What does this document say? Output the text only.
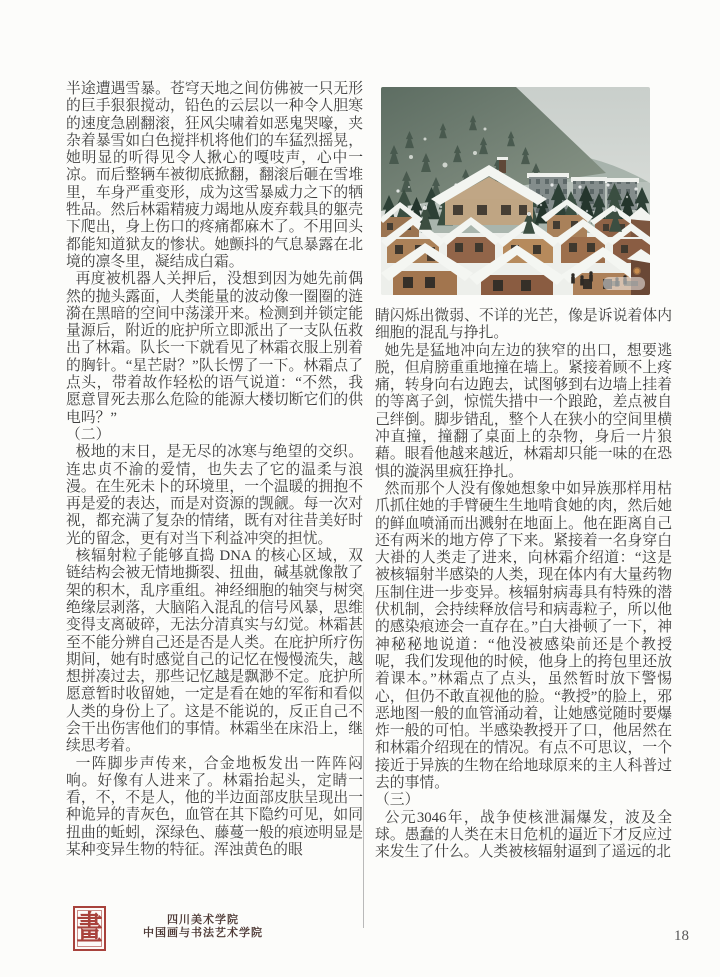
半途遭遇雪暴。苍穹天地之间仿佛被一只无形的巨手狠狠搅动，铅色的云层以一种令人胆寒的速度急剧翻滚，狂风尖啸着如恶鬼哭嚎，夹杂着暴雪如白色搅拌机将他们的车猛烈摇晃，她明显的听得见令人揪心的嘎吱声，心中一凉。而后整辆车被彻底掀翻，翻滚后砸在雪堆里，车身严重变形，成为这雪暴威力之下的牺牲品。然后林霜精疲力竭地从废弃载具的躯壳下爬出，身上伤口的疼痛都麻木了。不用回头都能知道狱友的惨状。她颤抖的气息暴露在北境的凛冬里，凝结成白霜。

再度被机器人关押后，没想到因为她先前偶 然的抛头露面，人类能量的波动像一圈圈的涟漪在黑暗的空间中荡漾开来。检测到并锁定能量源后，附近的庇护所立即派出了一支队伍救出了林霜。队长一下就看见了林霜衣服上别着的胸针。“星芒尉？”队长愣了一下。林霜点了点头，带着故作轻松的语气说道：“不然，我愿意冒死去那么危险的能源大楼切断它们的供电吗？”

（二）

极地的末日，是无尽的冰寒与绝望的交织。连忠贞不渝的爱情，也失去了它的温柔与浪漫。在生死未卜的环境里，一个温暖的拥抱不再是爱的表达，而是对资源的觊觎。每一次对视，都充满了复杂的情绪，既有对往昔美好时光的留念，更有对当下利益冲突的担忧。

核辐射粒子能够直捣 DNA 的核心区域，双链结构会被无情地撕裂、扭曲，碱基就像散了架的积木，乱序重组。神经细胞的轴突与树突绝缘层剥落，大脑陷入混乱的信号风暴，思维变得支离破碎，无法分清真实与幻觉。林霜甚至不能分辨自己还是否是人类。在庇护所疗伤期间，她有时感觉自己的记忆在慢慢流失，越想拼凑过去，那些记忆越是飘渺不定。庇护所愿意暂时收留她，一定是看在她的军衔和看似人类的身份上了。这是不能说的，反正自己不会干出伤害他们的事情。林霜坐在床沿上，继续思考着。

一阵脚步声传来，合金地板发出一阵阵闷响。好像有人进来了。林霜抬起头，定睛一看，不，不是人，他的半边面部皮肤呈现出一种诡异的青灰色，血管在其下隐约可见，如同扭曲的蚯蚓，深绿色、藤蔓一般的痕迹明显是某种变异生物的特征。浑浊黄色的眼

睛闪烁出微弱、不详的光芒，像是诉说着体内细胞的混乱与挣扎。

她先是猛地冲向左边的狭窄的出口，想要逃脱，但肩膀重重地撞在墙上。紧接着顾不上疼痛，转身向右边跑去，试图够到右边墙上挂着的等离子剑，惊慌失措中一个踉跄，差点被自己绊倒。脚步错乱，整个人在狭小的空间里横冲直撞，撞翻了桌面上的杂物，身后一片狼藉。眼看他越来越近，林霜却只能一味的在恐惧的漩涡里疯狂挣扎。

然而那个人没有像她想象中如异族那样用枯爪抓住她的手臂硬生生地啃食她的肉，然后她的鲜血喷涌而出溅射在地面上。他在距离自己还有两米的地方停了下来。紧接着一名身穿白大褂的人类走了进来，向林霜介绍道：“这是被核辐射半感染的人类，现在体内有大量药物压制住进一步变异。核辐射病毒具有特殊的潜伏机制，会持续释放信号和病毒粒子，所以他的感染痕迹会一直存在。”白大褂顿了一下，神神秘秘地说道：“他没被感染前还是个教授呢，我们发现他的时候，他身上的挎包里还放着课本。”林霜点了点头，虽然暂时放下警惕心，但仍不敢直视他的脸。“教授”的脸上，邪恶地图一般的血管涌动着，让她感觉随时要爆炸一般的可怕。半感染教授开了口，他居然在和林霜介绍现在的情况。有点不可思议，一个接近于异族的生物在给地球原来的主人科普过去的事情。

（三）

公元3046年，战争使核泄漏爆发，波及全球。愚蠢的人类在末日危机的逼近下才反应过来发生了什么。人类被核辐射逼到了遥远的北

畫	四川美术学院
中国画与书法艺术学院	18
